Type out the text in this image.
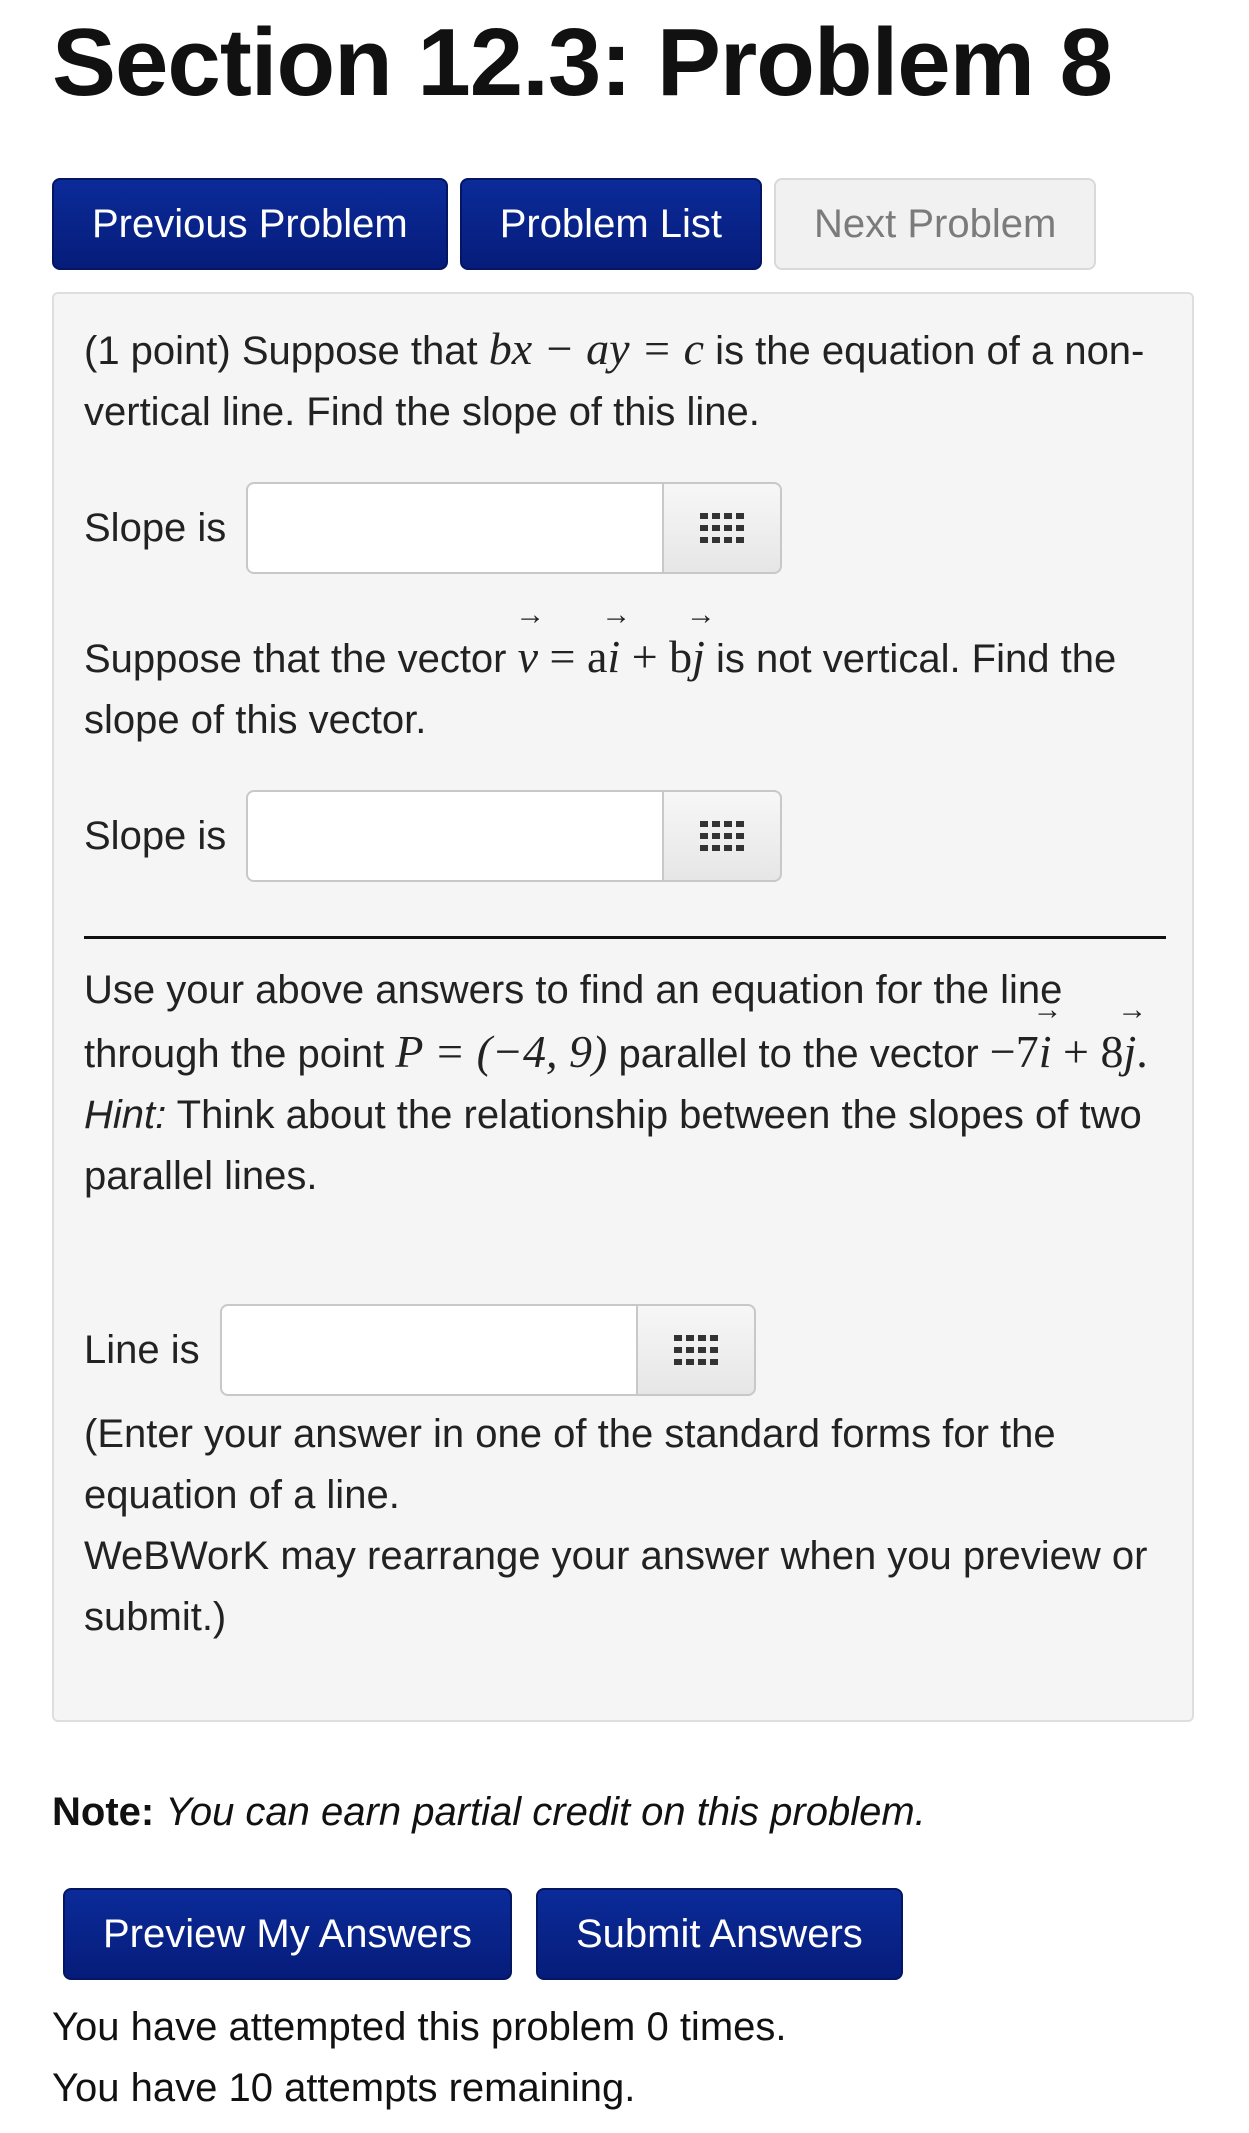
Section 12.3: Problem 8
Previous Problem	Problem List	Next Problem

(1 point) Suppose that bx − ay = c is the equation of a non-vertical line. Find the slope of this line.

Slope is

Suppose that the vector → v = a→ i + b→ j is not vertical. Find the slope of this vector.

Slope is

Use your above answers to find an equation for the line through the point P = (−4, 9) parallel to the vector −7→ i + 8→ j.
Hint: Think about the relationship between the slopes of two parallel lines.

Line is

(Enter your answer in one of the standard forms for the equation of a line.
WeBWorK may rearrange your answer when you preview or submit.)

Note: You can earn partial credit on this problem.

Preview My Answers	Submit Answers

You have attempted this problem 0 times.

You have 10 attempts remaining.
